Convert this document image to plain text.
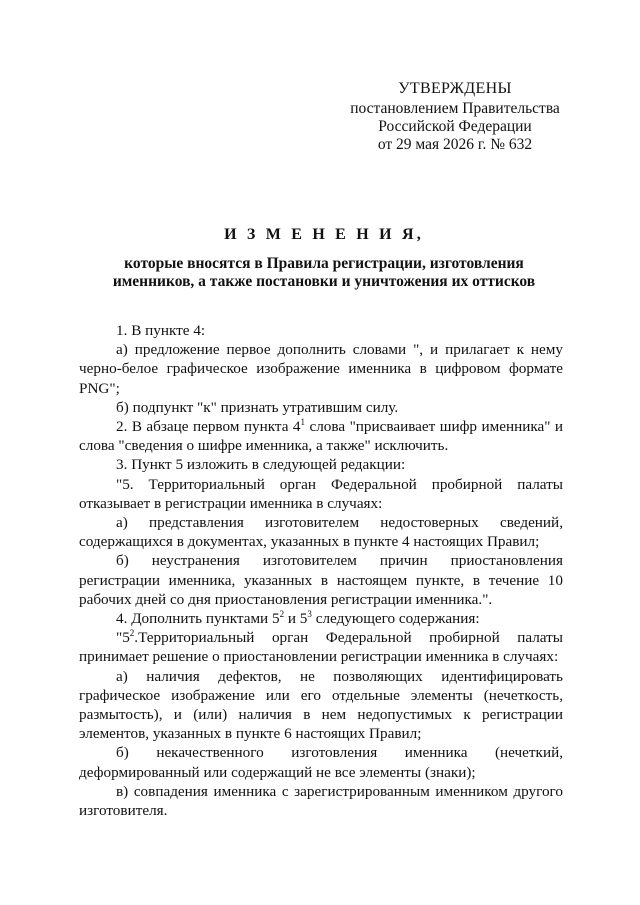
УТВЕРЖДЕНЫ
постановлением Правительства
Российской Федерации
от 29 мая 2026 г. № 632
И З М Е Н Е Н И Я,
которые вносятся в Правила регистрации, изготовления
именников, а также постановки и уничтожения их оттисков

1. В пункте 4:

а) предложение первое дополнить словами ", и прилагает к нему черно-белое графическое изображение именника в цифровом формате PNG";

б) подпункт "к" признать утратившим силу.

2. В абзаце первом пункта $4^1$ слова "присваивает шифр именника" и слова "сведения о шифре именника, а также" исключить.

3. Пункт 5 изложить в следующей редакции:

"5. Территориальный орган Федеральной пробирной палаты отказывает в регистрации именника в случаях:

а) представления изготовителем недостоверных сведений, содержащихся в документах, указанных в пункте 4 настоящих Правил;

б) неустранения изготовителем причин приостановления регистрации именника, указанных в настоящем пункте, в течение 10 рабочих дней со дня приостановления регистрации именника.".

4. Дополнить пунктами $5^2$ и $5^3$ следующего содержания:

"$5^2.Территориальный$ орган Федеральной пробирной палаты принимает решение о приостановлении регистрации именника в случаях:

а) наличия дефектов, не позволяющих идентифицировать графическое изображение или его отдельные элементы (нечеткость, размытость), и (или) наличия в нем недопустимых к регистрации элементов, указанных в пункте 6 настоящих Правил;

б) некачественного изготовления именника (нечеткий, деформированный или содержащий не все элементы (знаки);

в) совпадения именника с зарегистрированным именником другого изготовителя.
